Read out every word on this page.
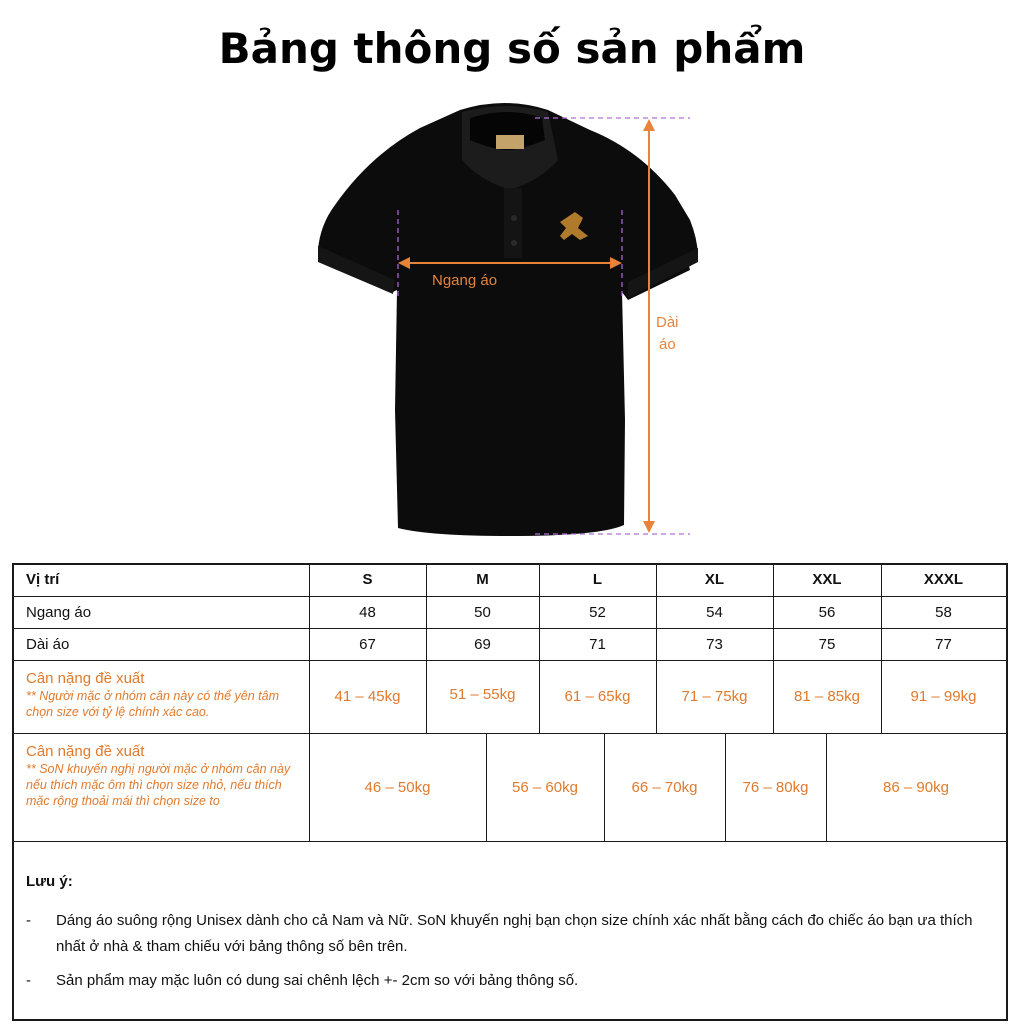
Bảng thông số sản phẩm
Ngang áo
Dài
áo
Vị trí	S	M	L	XL	XXL	XXXL
Ngang áo	48	50	52	54	56	58
Dài áo	67	69	71	73	75	77
Cân nặng đề xuất
** Người mặc ở nhóm cân này có thể yên tâm chọn size với tỷ lệ chính xác cao.
41 – 45kg	51 – 55kg	61 – 65kg	71 – 75kg	81 – 85kg	91 – 99kg
Cân nặng đề xuất
** SoN khuyến nghị người mặc ở nhóm cân này nếu thích mặc ôm thì chọn size nhỏ, nếu thích mặc rộng thoải mái thì chọn size to
46 – 50kg	56 – 60kg	66 – 70kg	76 – 80kg	86 – 90kg
Lưu ý:
- Dáng áo suông rộng Unisex dành cho cả Nam và Nữ. SoN khuyến nghị bạn chọn size chính xác nhất bằng cách đo chiếc áo bạn ưa thích nhất ở nhà & tham chiếu với bảng thông số bên trên.
- Sản phẩm may mặc luôn có dung sai chênh lệch +- 2cm so với bảng thông số.
